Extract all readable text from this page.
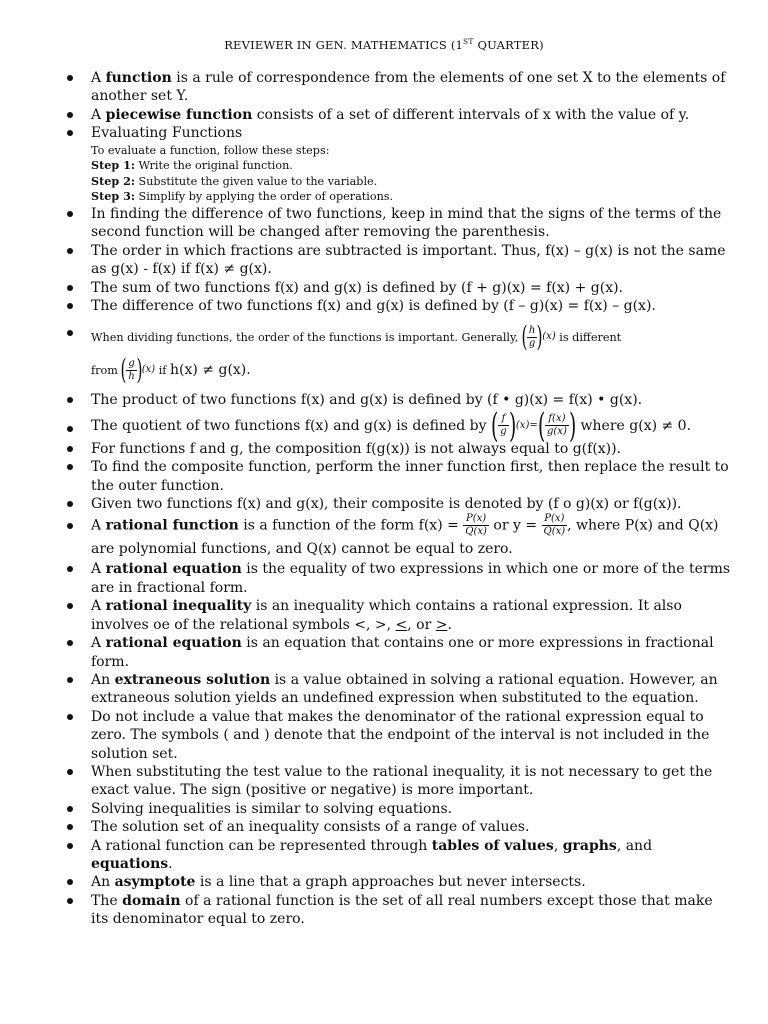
REVIEWER IN GEN. MATHEMATICS (1ST QUARTER)
A function is a rule of correspondence from the elements of one set X to the elements of another set Y.
A piecewise function consists of a set of different intervals of x with the value of y.
Evaluating Functions
To evaluate a function, follow these steps:
Step 1: Write the original function.
Step 2: Substitute the given value to the variable.
Step 3: Simplify by applying the order of operations.
In finding the difference of two functions, keep in mind that the signs of the terms of the second function will be changed after removing the parenthesis.
The order in which fractions are subtracted is important. Thus, f(x) – g(x) is not the same as g(x) - f(x) if f(x) ≠ g(x).
The sum of two functions f(x) and g(x) is defined by (f + g)(x) = f(x) + g(x).
The difference of two functions f(x) and g(x) is defined by (f – g)(x) = f(x) – g(x).
When dividing functions, the order of the functions is important. Generally, ( $\frac{h}{g} )(x)$ is different
from ( $\frac{g}{h} )(x)$ if h(x) ≠ g(x).
The product of two functions f(x) and g(x) is defined by (f • g)(x) = f(x) • g(x).
The quotient of two functions f(x) and g(x) is defined by ( $\frac{f}{g} )(x)=( \frac{f(x)}{g(x)}$ ) where g(x) ≠ 0.
For functions f and g, the composition f(g(x)) is not always equal to g(f(x)).
To find the composite function, perform the inner function first, then replace the result to the outer function.
Given two functions f(x) and g(x), their composite is denoted by (f o g)(x) or f(g(x)).
A rational function is a function of the form $f(x) = \frac{P(x)}{Q(x)}$ or $y = \frac{P(x)}{Q(x)}$ , where P(x) and Q(x) are polynomial functions, and Q(x) cannot be equal to zero.
A rational equation is the equality of two expressions in which one or more of the terms are in fractional form.
A rational inequality is an inequality which contains a rational expression. It also involves oe of the relational symbols <, >, <, or >.
A rational equation is an equation that contains one or more expressions in fractional form.
An extraneous solution is a value obtained in solving a rational equation. However, an extraneous solution yields an undefined expression when substituted to the equation.
Do not include a value that makes the denominator of the rational expression equal to zero. The symbols ( and ) denote that the endpoint of the interval is not included in the solution set.
When substituting the test value to the rational inequality, it is not necessary to get the exact value. The sign (positive or negative) is more important.
Solving inequalities is similar to solving equations.
The solution set of an inequality consists of a range of values.
A rational function can be represented through tables of values, graphs, and equations.
An asymptote is a line that a graph approaches but never intersects.
The domain of a rational function is the set of all real numbers except those that make its denominator equal to zero.
